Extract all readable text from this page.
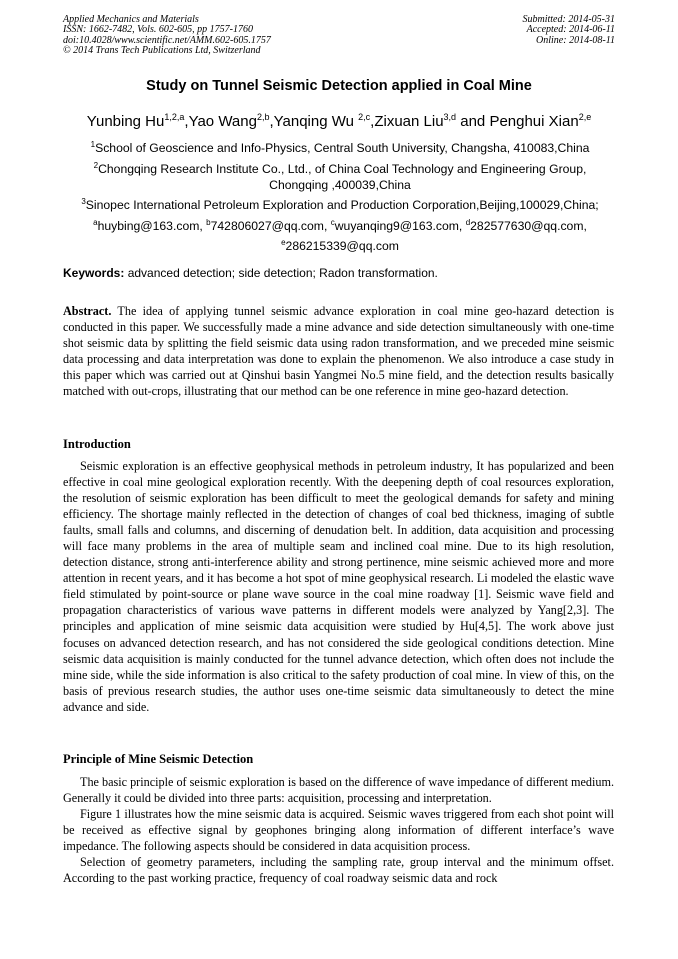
Applied Mechanics and Materials
ISSN: 1662-7482, Vols. 602-605, pp 1757-1760
doi:10.4028/www.scientific.net/AMM.602-605.1757
© 2014 Trans Tech Publications Ltd, Switzerland
Submitted: 2014-05-31
Accepted: 2014-06-11
Online: 2014-08-11
Study on Tunnel Seismic Detection applied in Coal Mine
Yunbing Hu$^{1,2,a}$,Yao Wang$^{2,b}$,Yanqing Wu $^{2,c}$,Zixuan Liu$^{3,d}$ and Penghui Xian$^{2,e}$
$^1$School of Geoscience and Info-Physics, Central South University, Changsha, 410083,China
$^2$Chongqing Research Institute Co., Ltd., of China Coal Technology and Engineering Group,
Chongqing ,400039,China
$^3$Sinopec International Petroleum Exploration and Production Corporation,Beijing,100029,China;
$^a$huybing@163.com, $^b$742806027@qq.com, $^c$wuyanqing9@163.com, $^d$282577630@qq.com,
$^e$286215339@qq.com
Keywords: advanced detection; side detection; Radon transformation.
Abstract. The idea of applying tunnel seismic advance exploration in coal mine geo-hazard detection is conducted in this paper. We successfully made a mine advance and side detection simultaneously with one-time shot seismic data by splitting the field seismic data using radon transformation, and we preceded mine seismic data processing and data interpretation was done to explain the phenomenon. We also introduce a case study in this paper which was carried out at Qinshui basin Yangmei No.5 mine field, and the detection results basically matched with out-crops, illustrating that our method can be one reference in mine geo-hazard detection.
Introduction
Seismic exploration is an effective geophysical methods in petroleum industry, It has popularized and been effective in coal mine geological exploration recently. With the deepening depth of coal resources exploration, the resolution of seismic exploration has been difficult to meet the geological demands for safety and mining efficiency. The shortage mainly reflected in the detection of changes of coal bed thickness, imaging of subtle faults, small falls and columns, and discerning of denudation belt. In addition, data acquisition and processing will face many problems in the area of multiple seam and inclined coal mine. Due to its high resolution, detection distance, strong anti-interference ability and strong pertinence, mine seismic achieved more and more attention in recent years, and it has become a hot spot of mine geophysical research. Li modeled the elastic wave field stimulated by point-source or plane wave source in the coal mine roadway [1]. Seismic wave field and propagation characteristics of various wave patterns in different models were analyzed by Yang[2,3]. The principles and application of mine seismic data acquisition were studied by Hu[4,5]. The work above just focuses on advanced detection research, and has not considered the side geological conditions detection. Mine seismic data acquisition is mainly conducted for the tunnel advance detection, which often does not include the mine side, while the side information is also critical to the safety production of coal mine. In view of this, on the basis of previous research studies, the author uses one-time seismic data simultaneously to detect the mine advance and side.
Principle of Mine Seismic Detection

The basic principle of seismic exploration is based on the difference of wave impedance of different medium. Generally it could be divided into three parts: acquisition, processing and interpretation.

Figure 1 illustrates how the mine seismic data is acquired. Seismic waves triggered from each shot point will be received as effective signal by geophones bringing along information of different interface’s wave impedance. The following aspects should be considered in data acquisition process.

Selection of geometry parameters, including the sampling rate, group interval and the minimum offset. According to the past working practice, frequency of coal roadway seismic data and rock
